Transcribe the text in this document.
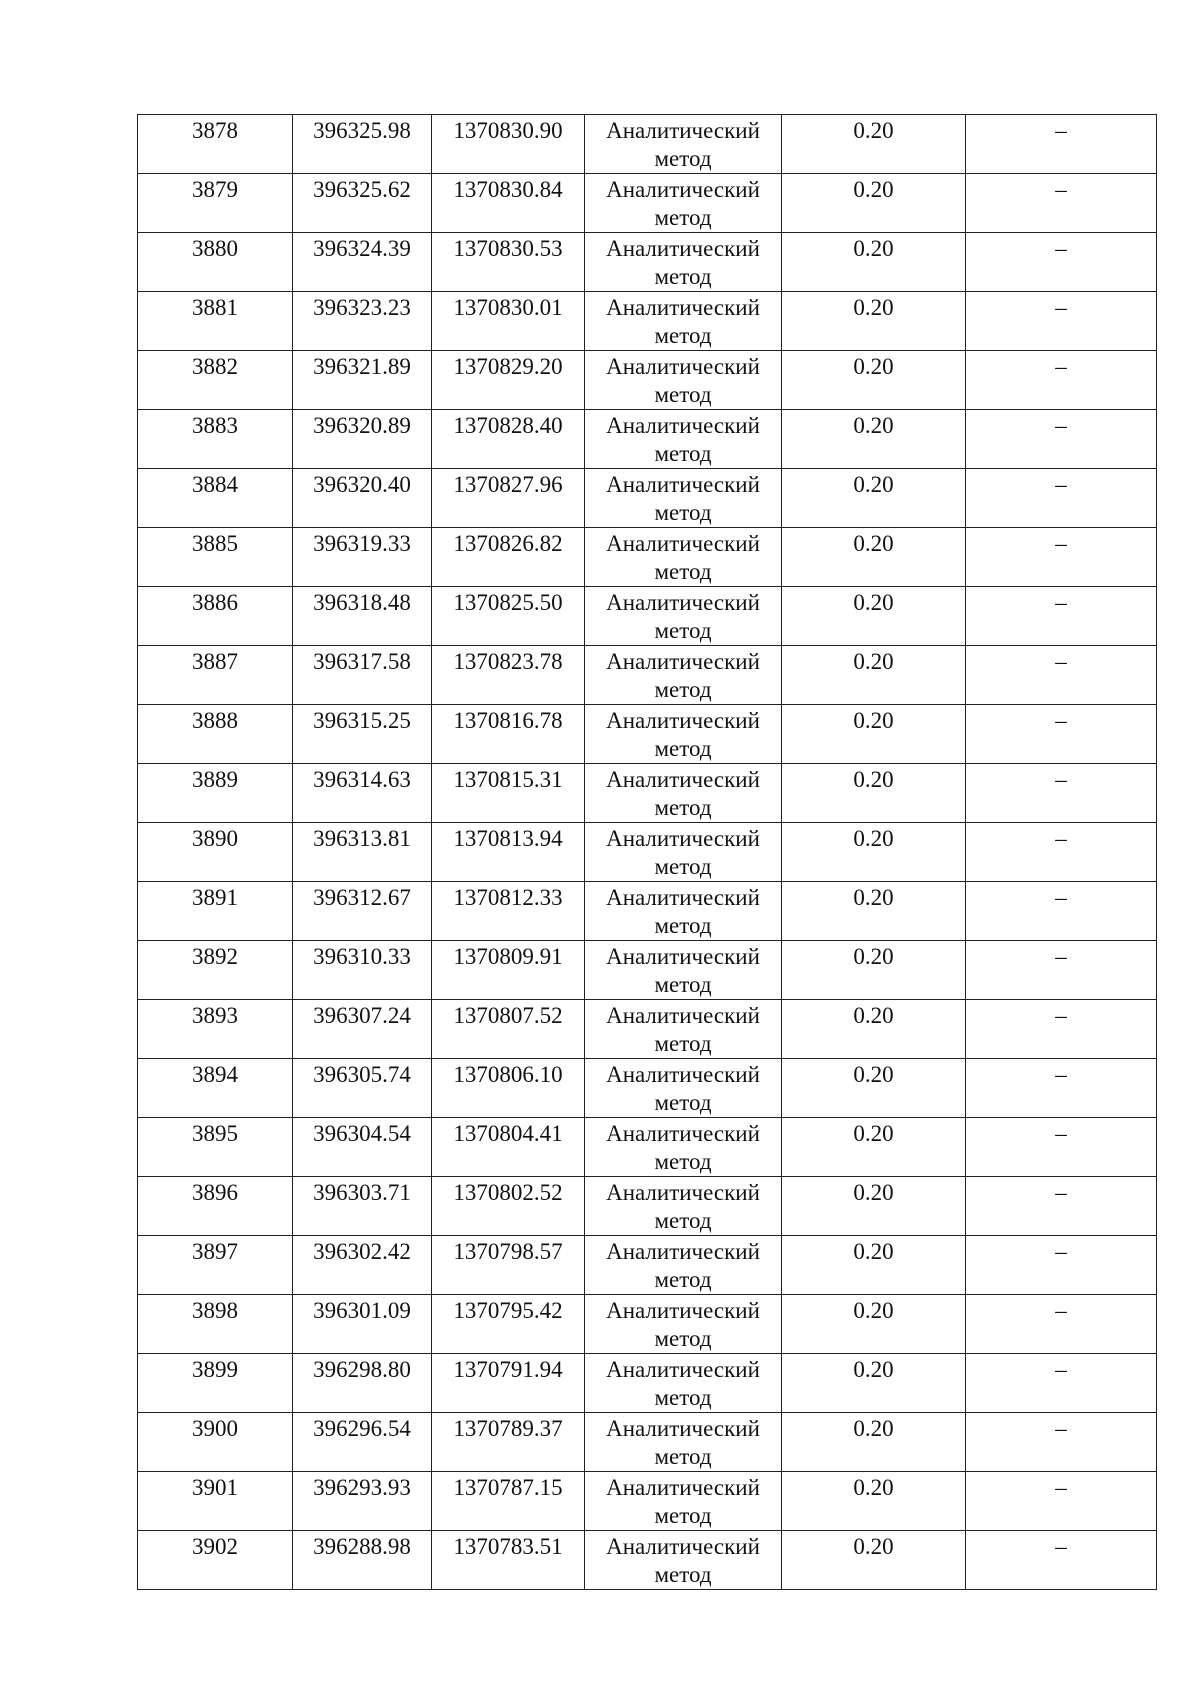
3878	396325.98	1370830.90	Аналитический метод	0.20	–
3879	396325.62	1370830.84	Аналитический метод	0.20	–
3880	396324.39	1370830.53	Аналитический метод	0.20	–
3881	396323.23	1370830.01	Аналитический метод	0.20	–
3882	396321.89	1370829.20	Аналитический метод	0.20	–
3883	396320.89	1370828.40	Аналитический метод	0.20	–
3884	396320.40	1370827.96	Аналитический метод	0.20	–
3885	396319.33	1370826.82	Аналитический метод	0.20	–
3886	396318.48	1370825.50	Аналитический метод	0.20	–
3887	396317.58	1370823.78	Аналитический метод	0.20	–
3888	396315.25	1370816.78	Аналитический метод	0.20	–
3889	396314.63	1370815.31	Аналитический метод	0.20	–
3890	396313.81	1370813.94	Аналитический метод	0.20	–
3891	396312.67	1370812.33	Аналитический метод	0.20	–
3892	396310.33	1370809.91	Аналитический метод	0.20	–
3893	396307.24	1370807.52	Аналитический метод	0.20	–
3894	396305.74	1370806.10	Аналитический метод	0.20	–
3895	396304.54	1370804.41	Аналитический метод	0.20	–
3896	396303.71	1370802.52	Аналитический метод	0.20	–
3897	396302.42	1370798.57	Аналитический метод	0.20	–
3898	396301.09	1370795.42	Аналитический метод	0.20	–
3899	396298.80	1370791.94	Аналитический метод	0.20	–
3900	396296.54	1370789.37	Аналитический метод	0.20	–
3901	396293.93	1370787.15	Аналитический метод	0.20	–
3902	396288.98	1370783.51	Аналитический метод	0.20	–
